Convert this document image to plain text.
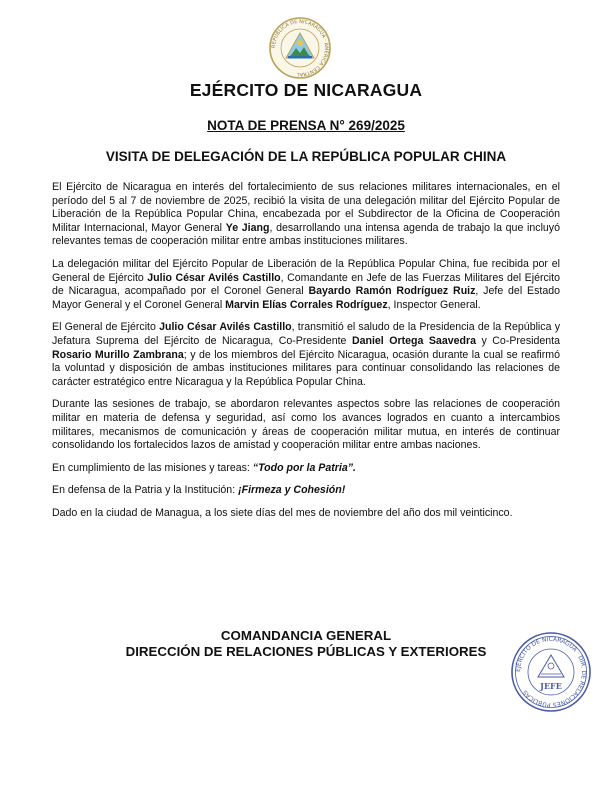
REPÚBLICA DE NICARAGUA · AMÉRICA CENTRAL
EJÉRCITO DE NICARAGUA
NOTA DE PRENSA N° 269/2025
VISITA DE DELEGACIÓN DE LA REPÚBLICA POPULAR CHINA

El Ejército de Nicaragua en interés del fortalecimiento de sus relaciones militares internacionales, en el período del 5 al 7 de noviembre de 2025, recibió la visita de una delegación militar del Ejército Popular de Liberación de la República Popular China, encabezada por el Subdirector de la Oficina de Cooperación Militar Internacional, Mayor General Ye Jiang, desarrollando una intensa agenda de trabajo la que incluyó relevantes temas de cooperación militar entre ambas instituciones militares.

La delegación militar del Ejército Popular de Liberación de la República Popular China, fue recibida por el General de Ejército Julio César Avilés Castillo, Comandante en Jefe de las Fuerzas Militares del Ejército de Nicaragua, acompañado por el Coronel General Bayardo Ramón Rodríguez Ruiz, Jefe del Estado Mayor General y el Coronel General Marvin Elías Corrales Rodríguez, Inspector General.

El General de Ejército Julio César Avilés Castillo, transmitió el saludo de la Presidencia de la República y Jefatura Suprema del Ejército de Nicaragua, Co-Presidente Daniel Ortega Saavedra y Co-Presidenta Rosario Murillo Zambrana; y de los miembros del Ejército Nicaragua, ocasión durante la cual se reafirmó la voluntad y disposición de ambas instituciones militares para continuar consolidando las relaciones de carácter estratégico entre Nicaragua y la República Popular China.

Durante las sesiones de trabajo, se abordaron relevantes aspectos sobre las relaciones de cooperación militar en materia de defensa y seguridad, así como los avances logrados en cuanto a intercambios militares, mecanismos de comunicación y áreas de cooperación militar mutua, en interés de continuar consolidando los fortalecidos lazos de amistad y cooperación militar entre ambas naciones.

En cumplimiento de las misiones y tareas: “Todo por la Patria”.

En defensa de la Patria y la Institución: ¡Firmeza y Cohesión!

Dado en la ciudad de Managua, a los siete días del mes de noviembre del año dos mil veinticinco.

COMANDANCIA GENERAL
DIRECCIÓN DE RELACIONES PÚBLICAS Y EXTERIORES
EJÉRCITO DE NICARAGUA · DIR. DE RELACIONES PÚBLICAS
JEFE
